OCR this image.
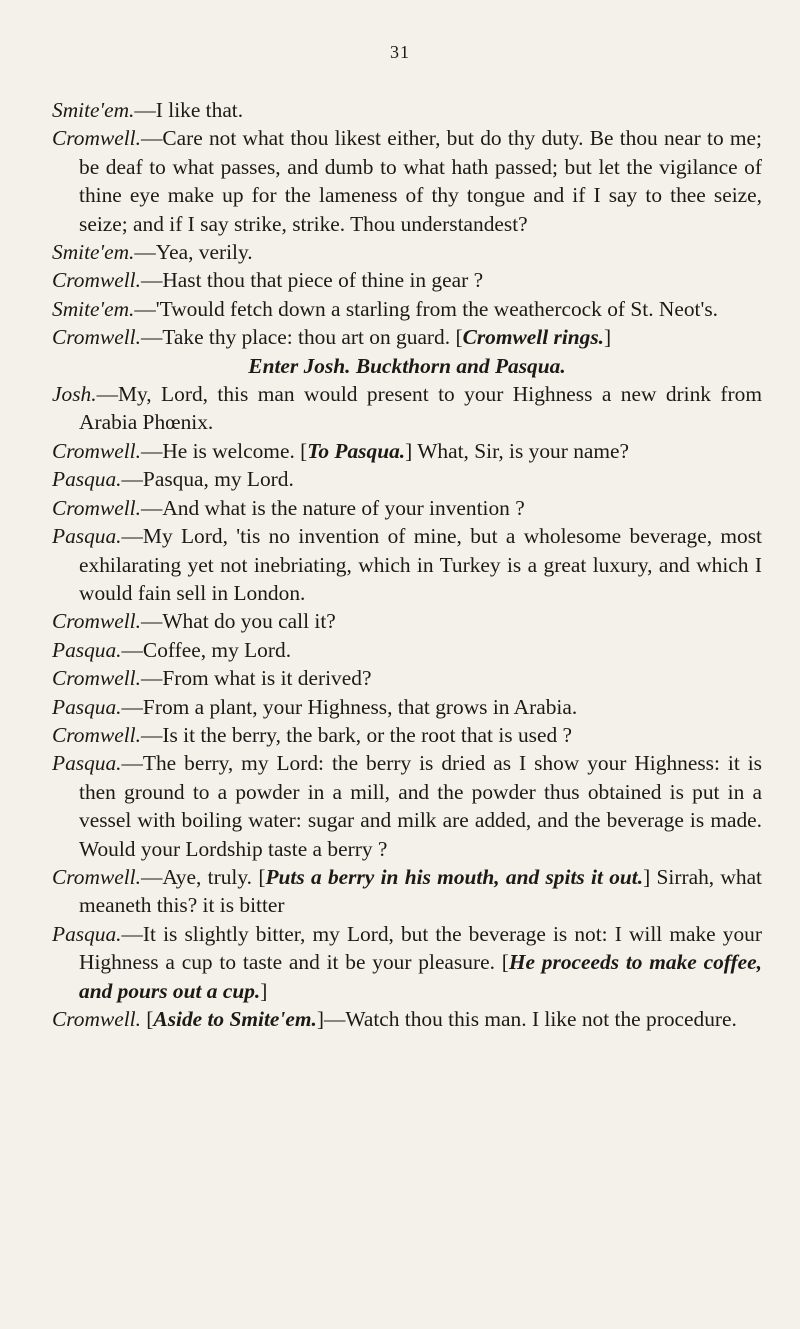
31

Smite'em.—I like that.

Cromwell.—Care not what thou likest either, but do thy duty. Be thou near to me; be deaf to what passes, and dumb to what hath passed; but let the vigilance of thine eye make up for the lameness of thy tongue and if I say to thee seize, seize; and if I say strike, strike. Thou understandest?

Smite'em.—Yea, verily.

Cromwell.—Hast thou that piece of thine in gear ?

Smite'em.—'Twould fetch down a starling from the weathercock of St. Neot's.

Cromwell.—Take thy place: thou art on guard. [Cromwell rings.]

Enter Josh. Buckthorn and Pasqua.

Josh.—My, Lord, this man would present to your Highness a new drink from Arabia Phœnix.

Cromwell.—He is welcome. [To Pasqua.] What, Sir, is your name?

Pasqua.—Pasqua, my Lord.

Cromwell.—And what is the nature of your invention ?

Pasqua.—My Lord, 'tis no invention of mine, but a wholesome beverage, most exhilarating yet not inebriating, which in Turkey is a great luxury, and which I would fain sell in London.

Cromwell.—What do you call it?

Pasqua.—Coffee, my Lord.

Cromwell.—From what is it derived?

Pasqua.—From a plant, your Highness, that grows in Arabia.

Cromwell.—Is it the berry, the bark, or the root that is used ?

Pasqua.—The berry, my Lord: the berry is dried as I show your Highness: it is then ground to a powder in a mill, and the powder thus obtained is put in a vessel with boiling water: sugar and milk are added, and the beverage is made. Would your Lordship taste a berry ?

Cromwell.—Aye, truly. [Puts a berry in his mouth, and spits it out.] Sirrah, what meaneth this? it is bitter

Pasqua.—It is slightly bitter, my Lord, but the beverage is not: I will make your Highness a cup to taste and it be your pleasure. [He proceeds to make coffee, and pours out a cup.]

Cromwell. [Aside to Smite'em.]—Watch thou this man. I like not the procedure.
